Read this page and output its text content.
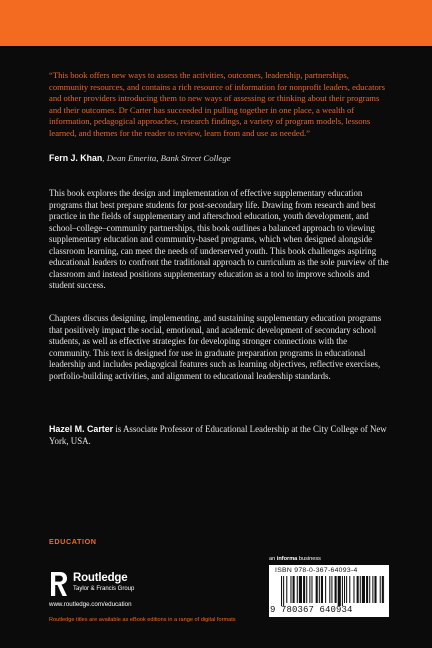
“This book offers new ways to assess the activities, outcomes, leadership, partnerships, community resources, and contains a rich resource of information for nonprofit leaders, educators and other providers introducing them to new ways of assessing or thinking about their programs and their outcomes. Dr Carter has succeeded in pulling together in one place, a wealth of information, pedagogical approaches, research findings, a variety of program models, lessons learned, and themes for the reader to review, learn from and use as needed.”

Fern J. Khan, Dean Emerita, Bank Street College

This book explores the design and implementation of effective supplementary education programs that best prepare students for post-secondary life. Drawing from research and best practice in the fields of supplementary and afterschool education, youth development, and school–college–community partnerships, this book outlines a balanced approach to viewing supplementary education and community-based programs, which when designed alongside classroom learning, can meet the needs of underserved youth. This book challenges aspiring educational leaders to confront the traditional approach to curriculum as the sole purview of the classroom and instead positions supplementary education as a tool to improve schools and student success.

Chapters discuss designing, implementing, and sustaining supplementary education programs that positively impact the social, emotional, and academic development of secondary school students, as well as effective strategies for developing stronger connections with the community. This text is designed for use in graduate preparation programs in educational leadership and includes pedagogical features such as learning objectives, reflective exercises, portfolio-building activities, and alignment to educational leadership standards.

Hazel M. Carter is Associate Professor of Educational Leadership at the City College of New York, USA.

EDUCATION
Routledge
Taylor & Francis Group
www.routledge.com/education
Routledge titles are available as eBook editions in a range of digital formats
an informa business
ISBN 978-0-367-64093-4
9 780367 640934
